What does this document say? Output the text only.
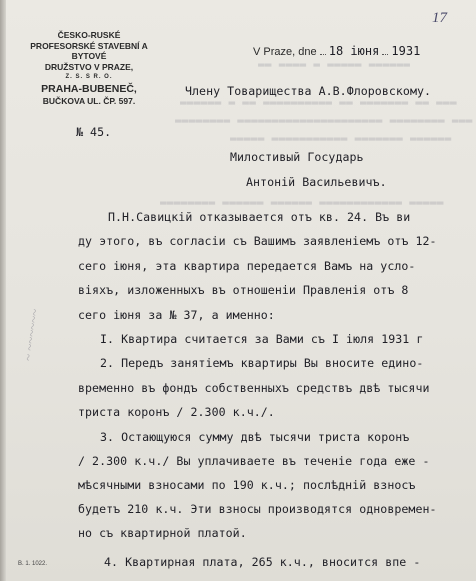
▬▬ ▬▬▬▬ ▬ ▬▬▬▬▬ ▬▬▬▬▬▬
▬▬▬▬▬▬ ▬ ▬▬ ▬▬▬▬▬▬▬▬▬▬ ▬▬ ▬▬▬▬▬▬▬ ▬▬ ▬▬▬
▬▬▬▬▬▬▬▬ ▬▬▬▬▬▬▬▬▬▬▬▬▬▬▬▬▬▬▬▬▬ ▬▬▬▬▬▬▬▬ ▬▬▬
▬▬▬▬▬ ▬▬▬▬▬▬▬▬▬▬▬ ▬▬▬▬▬▬▬ ▬▬▬▬▬▬
▬▬▬▬▬▬▬▬ ▬▬▬▬▬▬ ▬▬▬▬▬▬ ▬▬▬▬▬▬▬▬▬▬▬▬ ▬▬▬▬▬
17
ČESKO-RUSKÉ
PROFESORSKÉ STAVEBNÍ A BYTOVÉ
DRUŽSTVO V PRAZE,
Z. S. S R. O.
PRAHA-BUBENEČ,
BUČKOVA UL. ČP. 597.
V Praze, dne 18 іюня 1931
Члену Товарищества А.В.Флоровскому.
№ 45.
Милостивый Государь
Антонiй Васильевичъ.
П.Н.Савицкiй отказывается отъ кв. 24. Въ ви
ду этого, въ согласiи съ Вашимъ заявленiемъ отъ 12-
сего iюня, эта квартира передается Вамъ на усло-
вiяхъ, изложенныхъ въ отношенiи Правленiя отъ 8
сего iюня за № 37, а именно:
I. Квартира считается за Вами съ I iюля 1931 г
2. Передъ занятiемъ квартиры Вы вносите едино-
временно въ фондъ собственныхъ средствъ двѣ тысячи
триста коронъ / 2.300 к.ч./.
3. Остающуюся сумму двѣ тысячи триста коронъ
/ 2.300 к.ч./ Вы уплачиваете въ теченiе года еже -
мѣсячными взносами по 190 к.ч.; послѣднiй взносъ
будетъ 210 к.ч. Эти взносы производятся одновремен-
но съ квартирной платой.
4. Квартирная плата, 265 к.ч., вносится впе -
~ ~~~~~~
B. 1. 1022.
